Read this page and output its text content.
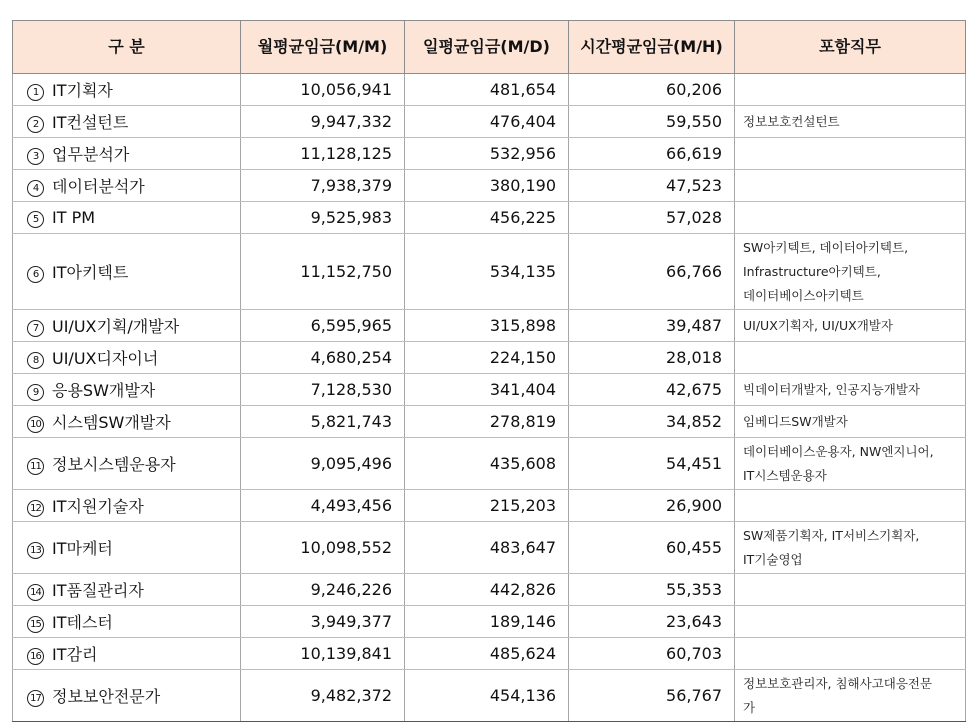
구 분	월평균임금(M/M)	일평균임금(M/D)	시간평균임금(M/H)	포함직무
1 IT기획자	10,056,941	481,654	60,206	
2 IT컨설턴트	9,947,332	476,404	59,550	정보보호컨설턴트

3 업무분석가	11,128,125	532,956	66,619	
4 데이터분석가	7,938,379	380,190	47,523	
5 IT PM	9,525,983	456,225	57,028	
6 IT아키텍트	11,152,750	534,135	66,766	SW아키텍트, 데이터아키텍트,
Infrastructure아키텍트,
데이터베이스아키텍트

7 UI/UX기획/개발자	6,595,965	315,898	39,487	UI/UX기획자, UI/UX개발자

8 UI/UX디자이너	4,680,254	224,150	28,018	
9 응용SW개발자	7,128,530	341,404	42,675	빅데이터개발자, 인공지능개발자

10 시스템SW개발자	5,821,743	278,819	34,852	임베디드SW개발자

11 정보시스템운용자	9,095,496	435,608	54,451	데이터베이스운용자, NW엔지니어,
IT시스템운용자

12 IT지원기술자	4,493,456	215,203	26,900	
13 IT마케터	10,098,552	483,647	60,455	SW제품기획자, IT서비스기획자,
IT기술영업

14 IT품질관리자	9,246,226	442,826	55,353	
15 IT테스터	3,949,377	189,146	23,643	
16 IT감리	10,139,841	485,624	60,703	
17 정보보안전문가	9,482,372	454,136	56,767	정보보호관리자, 침해사고대응전문
가
